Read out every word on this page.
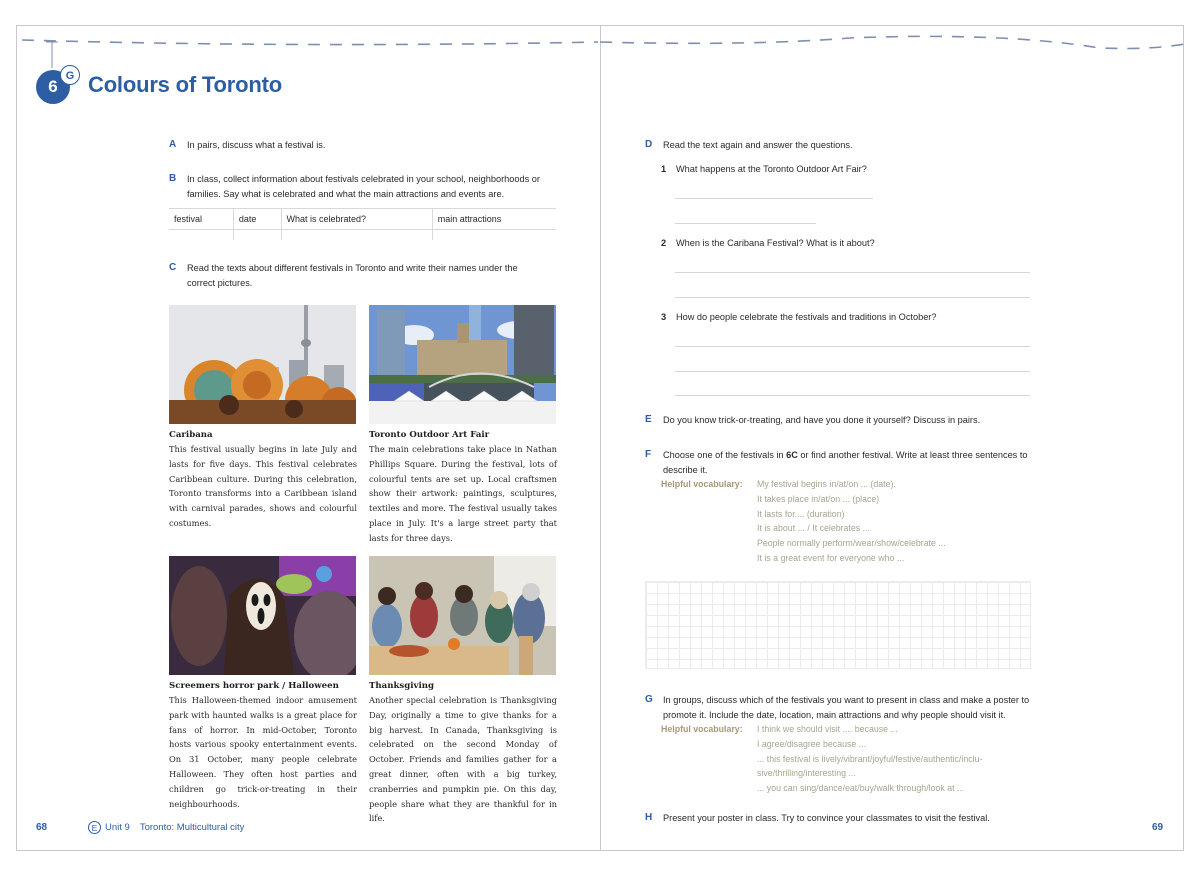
6
G Colours of Toronto
A	In pairs, discuss what a festival is.
B	In class, collect information about festivals celebrated in your school, neighborhoods or families. Say what is celebrated and what the main attractions and events are.
festival	date	What is celebrated?	main attractions

C	Read the texts about different festivals in Toronto and write their names under the correct pictures.
Caribana
This festival usually begins in late July and lasts for five days. This festival celebrates Caribbean culture. During this celebration, Toronto transforms into a Caribbean island with carnival parades, shows and colourful costumes.
Toronto Outdoor Art Fair
The main celebrations take place in Nathan Phillips Square. During the festival, lots of colourful tents are set up. Local craftsmen show their artwork: paintings, sculptures, textiles and more. The festival usually takes place in July. It's a large street party that lasts for three days.
Screemers horror park / Halloween
This Halloween-themed indoor amusement park with haunted walks is a great place for fans of horror. In mid-October, Toronto hosts various spooky entertainment events. On 31 October, many people celebrate Halloween. They often host parties and children go trick-or-treating in their neighbourhoods.
Thanksgiving
Another special celebration is Thanksgiving Day, originally a time to give thanks for a big harvest. In Canada, Thanksgiving is celebrated on the second Monday of October. Friends and families gather for a great dinner, often with a big turkey, cranberries and pumpkin pie. On this day, people share what they are thankful for in life.
68	E Unit 9 Toronto: Multicultural city
D	Read the text again and answer the questions.
1 What happens at the Toronto Outdoor Art Fair?
2 When is the Caribana Festival? What is it about?
3 How do people celebrate the festivals and traditions in October?
E	Do you know trick-or-treating, and have you done it yourself? Discuss in pairs.
F	Choose one of the festivals in 6C or find another festival. Write at least three sentences to describe it.
Helpful vocabulary:	My festival begins in/at/on ... (date).
It takes place in/at/on ... (place)
It lasts for.... (duration)
It is about ... / It celebrates ...
People normally perform/wear/show/celebrate ...
It is a great event for everyone who ...
G	In groups, discuss which of the festivals you want to present in class and make a poster to promote it. Include the date, location, main attractions and why people should visit it.
Helpful vocabulary:	I think we should visit .... because ...
I agree/disagree because ...
... this festival is lively/vibrant/joyful/festive/authentic/inclu-
sive/thrilling/interesting ...
... you can sing/dance/eat/buy/walk through/look at ...
H	Present your poster in class. Try to convince your classmates to visit the festival.
69
